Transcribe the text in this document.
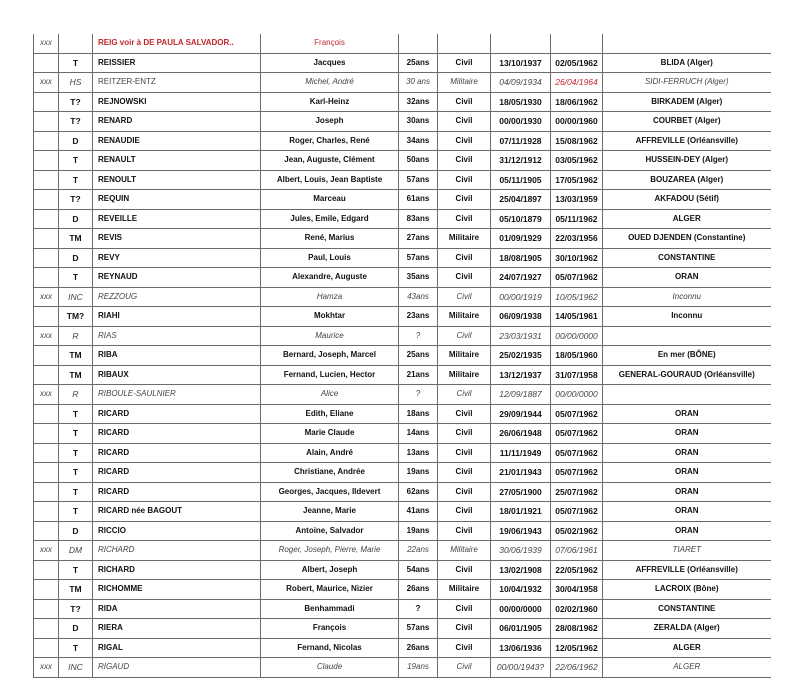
xxx		REIG voir à DE PAULA SALVADOR..	François					
	T	REISSIER	Jacques	25ans	Civil	13/10/1937	02/05/1962	BLIDA (Alger)
xxx	HS	REITZER-ENTZ	Michel, André	30 ans	Militaire	04/09/1934	26/04/1964	SIDI-FERRUCH (Alger)
	T?	REJNOWSKI	Karl-Heinz	32ans	Civil	18/05/1930	18/06/1962	BIRKADEM (Alger)
	T?	RENARD	Joseph	30ans	Civil	00/00/1930	00/00/1960	COURBET (Alger)
	D	RENAUDIE	Roger, Charles, René	34ans	Civil	07/11/1928	15/08/1962	AFFREVILLE (Orléansville)
	T	RENAULT	Jean, Auguste, Clément	50ans	Civil	31/12/1912	03/05/1962	HUSSEIN-DEY (Alger)
	T	RENOULT	Albert, Louis, Jean Baptiste	57ans	Civil	05/11/1905	17/05/1962	BOUZAREA (Alger)
	T?	REQUIN	Marceau	61ans	Civil	25/04/1897	13/03/1959	AKFADOU (Sétif)
	D	REVEILLE	Jules, Emile, Edgard	83ans	Civil	05/10/1879	05/11/1962	ALGER
	TM	REVIS	René, Marius	27ans	Militaire	01/09/1929	22/03/1956	OUED DJENDEN (Constantine)
	D	REVY	Paul, Louis	57ans	Civil	18/08/1905	30/10/1962	CONSTANTINE
	T	REYNAUD	Alexandre, Auguste	35ans	Civil	24/07/1927	05/07/1962	ORAN
xxx	INC	REZZOUG	Hamza	43ans	Civil	00/00/1919	10/05/1962	Inconnu
	TM?	RIAHI	Mokhtar	23ans	Militaire	06/09/1938	14/05/1961	Inconnu
xxx	R	RIAS	Maurice	?	Civil	23/03/1931	00/00/0000	
	TM	RIBA	Bernard, Joseph, Marcel	25ans	Militaire	25/02/1935	18/05/1960	En mer (BÔNE)
	TM	RIBAUX	Fernand, Lucien, Hector	21ans	Militaire	13/12/1937	31/07/1958	GENERAL-GOURAUD (Orléansville)
xxx	R	RIBOULE-SAULNIER	Alice	?	Civil	12/09/1887	00/00/0000	
	T	RICARD	Edith, Eliane	18ans	Civil	29/09/1944	05/07/1962	ORAN
	T	RICARD	Marie Claude	14ans	Civil	26/06/1948	05/07/1962	ORAN
	T	RICARD	Alain, André	13ans	Civil	11/11/1949	05/07/1962	ORAN
	T	RICARD	Christiane, Andrée	19ans	Civil	21/01/1943	05/07/1962	ORAN
	T	RICARD	Georges, Jacques, Ildevert	62ans	Civil	27/05/1900	25/07/1962	ORAN
	T	RICARD née BAGOUT	Jeanne, Marie	41ans	Civil	18/01/1921	05/07/1962	ORAN
	D	RICCIO	Antoine, Salvador	19ans	Civil	19/06/1943	05/02/1962	ORAN
xxx	DM	RICHARD	Roger, Joseph, Pierre, Marie	22ans	Militaire	30/06/1939	07/06/1961	TIARET
	T	RICHARD	Albert, Joseph	54ans	Civil	13/02/1908	22/05/1962	AFFREVILLE (Orléansville)
	TM	RICHOMME	Robert, Maurice, Nizier	26ans	Militaire	10/04/1932	30/04/1958	LACROIX (Bône)
	T?	RIDA	Benhammadi	?	Civil	00/00/0000	02/02/1960	CONSTANTINE
	D	RIERA	François	57ans	Civil	06/01/1905	28/08/1962	ZERALDA (Alger)
	T	RIGAL	Fernand, Nicolas	26ans	Civil	13/06/1936	12/05/1962	ALGER
xxx	INC	RIGAUD	Claude	19ans	Civil	00/00/1943?	22/06/1962	ALGER
